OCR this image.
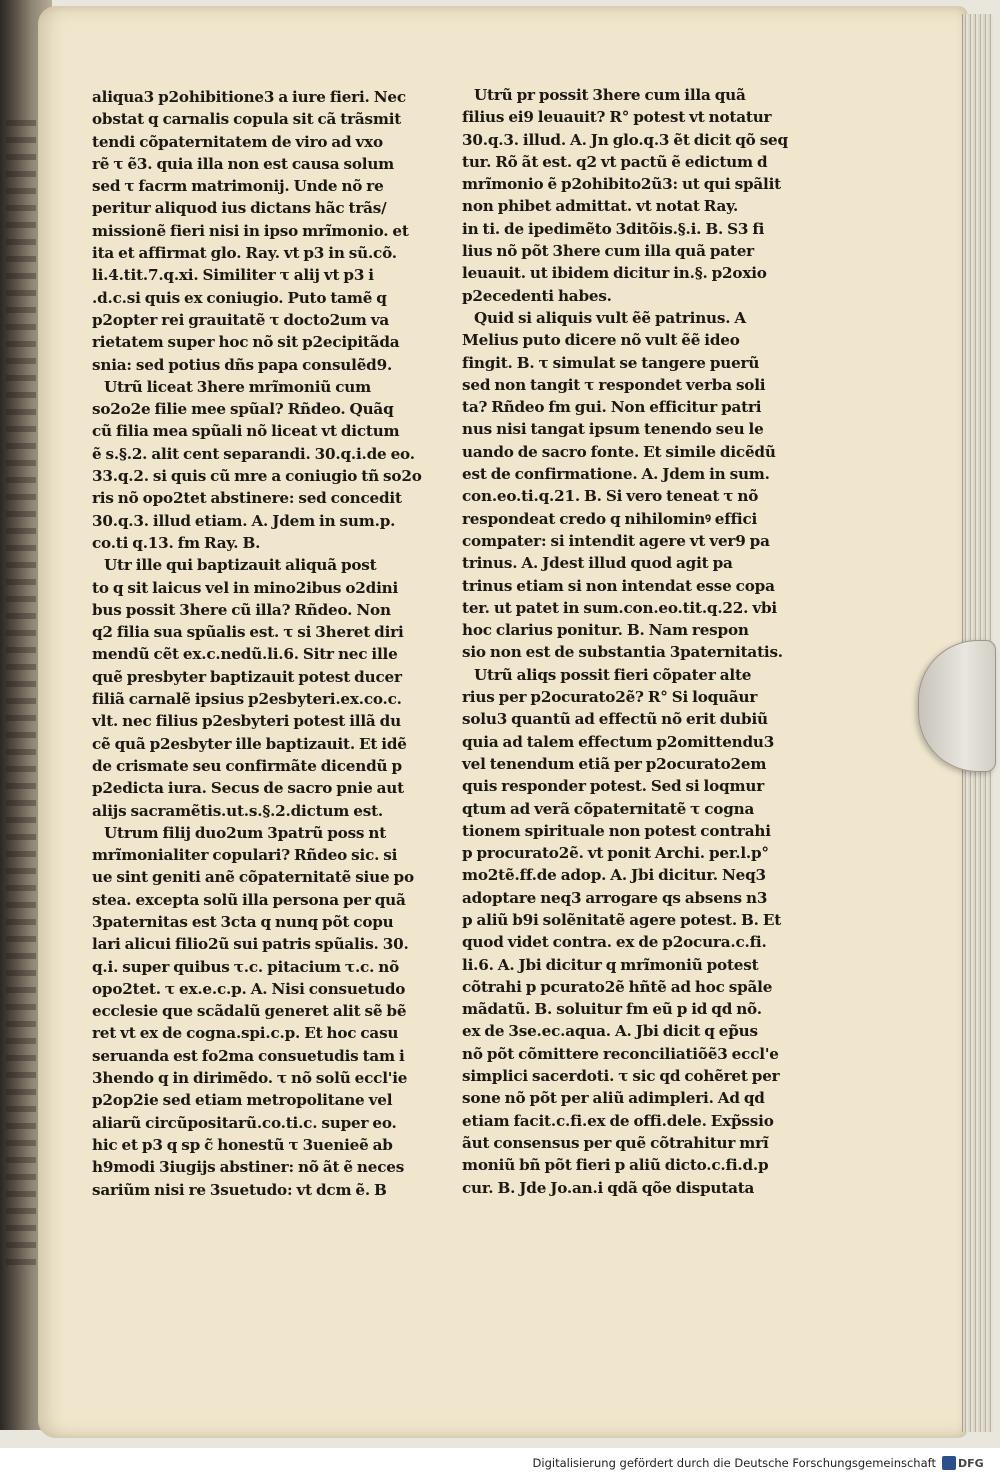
aliqua3 p2ohibitione3 a iure fieri. Nec
obstat q carnalis copula sit cã trãsmit
tendi cõpaternitatem de viro ad vxo
rẽ τ ẽ3. quia illa non est causa solum
sed τ facrm matrimonij. Unde nõ re
peritur aliquod ius dictans hãc trãs/
missionẽ fieri nisi in ipso mrĩmonio. et
ita et affirmat glo. Ray. vt p3 in sũ.cõ.
li.4.tit.7.q.xi. Similiter τ alij vt p3 i
.d.c.si quis ex coniugio. Puto tamẽ q
p2opter rei grauitatẽ τ docto2um va
rietatem super hoc nõ sit p2ecipitãda
snia: sed potius dñs papa consulẽd9.
Utrũ liceat 3here mrĩmoniũ cum
so2o2e filie mee spũal? Rñdeo. Quãq
cũ filia mea spũali nõ liceat vt dictum
ẽ s.§.2. alit cent separandi. 30.q.i.de eo.
33.q.2. si quis cũ mre a coniugio tñ so2o
ris nõ opo2tet abstinere: sed concedit
30.q.3. illud etiam. A. Jdem in sum.p.
co.ti q.13. fm Ray. B.
Utr ille qui baptizauit aliquã post
to q sit laicus vel in mino2ibus o2dini
bus possit 3here cũ illa? Rñdeo. Non
q2 filia sua spũalis est. τ si 3heret diri
mendũ cẽt ex.c.nedũ.li.6. Sitr nec ille
quẽ presbyter baptizauit potest ducer
filiã carnalẽ ipsius p2esbyteri.ex.co.c.
vlt. nec filius p2esbyteri potest illã du
cẽ quã p2esbyter ille baptizauit. Et idẽ
de crismate seu confirmãte dicendũ p
p2edicta iura. Secus de sacro pnie aut
alijs sacramẽtis.ut.s.§.2.dictum est.
Utrum filij duo2um 3patrũ poss nt
mrĩmonialiter copulari? Rñdeo sic. si
ue sint geniti anẽ cõpaternitatẽ siue po
stea. excepta solũ illa persona per quã
3paternitas est 3cta q nunq põt copu
lari alicui filio2ũ sui patris spũalis. 30.
q.i. super quibus τ.c. pitacium τ.c. nõ
opo2tet. τ ex.e.c.p. A. Nisi consuetudo
ecclesie que scãdalũ generet alit sẽ bẽ
ret vt ex de cogna.spi.c.p. Et hoc casu
seruanda est fo2ma consuetudis tam i
3hendo q in dirimẽdo. τ nõ solũ eccl'ie
p2op2ie sed etiam metropolitane vel
aliarũ circũpositarũ.co.ti.c. super eo.
hic et p3 q sp c̃ honestũ τ 3uenieẽ ab
h9modi 3iugijs abstiner: nõ ãt ẽ neces
sariũm nisi re 3suetudo: vt dcm ẽ. B
Utrũ pr possit 3here cum illa quã
filius ei9 leuauit? R° potest vt notatur
30.q.3. illud. A. Jn glo.q.3 ẽt dicit qõ seq
tur. Rõ ãt est. q2 vt pactũ ẽ edictum d
mrĩmonio ẽ p2ohibito2ũ3: ut qui spãlit
non phibet admittat. vt notat Ray.
in ti. de ipedimẽto 3ditõis.§.i. B. S3 fi
lius nõ põt 3here cum illa quã pater
leuauit. ut ibidem dicitur in.§. p2oxio
p2ecedenti habes.
Quid si aliquis vult ẽẽ patrinus. A
Melius puto dicere nõ vult ẽẽ ideo
fingit. B. τ simulat se tangere puerũ
sed non tangit τ respondet verba soli
ta? Rñdeo fm gui. Non efficitur patri
nus nisi tangat ipsum tenendo seu le
uando de sacro fonte. Et simile dicẽdũ
est de confirmatione. A. Jdem in sum.
con.eo.ti.q.21. B. Si vero teneat τ nõ
respondeat credo q nihilominꝰ effici
compater: si intendit agere vt ver9 pa
trinus. A. Jdest illud quod agit pa
trinus etiam si non intendat esse copa
ter. ut patet in sum.con.eo.tit.q.22. vbi
hoc clarius ponitur. B. Nam respon
sio non est de substantia 3paternitatis.
Utrũ aliqs possit fieri cõpater alte
rius per p2ocurato2ẽ? R° Si loquãur
solu3 quantũ ad effectũ nõ erit dubiũ
quia ad talem effectum p2omittendu3
vel tenendum etiã per p2ocurato2em
quis responder potest. Sed si loqmur
qtum ad verã cõpaternitatẽ τ cogna
tionem spirituale non potest contrahi
p procurato2ẽ. vt ponit Archi. per.l.p°
mo2tẽ.ff.de adop. A. Jbi dicitur. Neq3
adoptare neq3 arrogare qs absens n3
p aliũ b9i solẽnitatẽ agere potest. B. Et
quod videt contra. ex de p2ocura.c.fi.
li.6. A. Jbi dicitur q mrĩmoniũ potest
cõtrahi p pcurato2ẽ hñtẽ ad hoc spãle
mãdatũ. B. soluitur fm eũ p id qd nõ.
ex de 3se.ec.aqua. A. Jbi dicit q ep̃us
nõ põt cõmittere reconciliatiõẽ3 eccl'e
simplici sacerdoti. τ sic qd cohẽret per
sone nõ põt per aliũ adimpleri. Ad qd
etiam facit.c.fi.ex de offi.dele. Exp̃ssio
ãut consensus per quẽ cõtrahitur mrĩ
moniũ bñ põt fieri p aliũ dicto.c.fi.d.p
cur. B. Jde Jo.an.i qdã qõe disputata
Digitalisierung gefördert durch die Deutsche Forschungsgemeinschaft DFG
